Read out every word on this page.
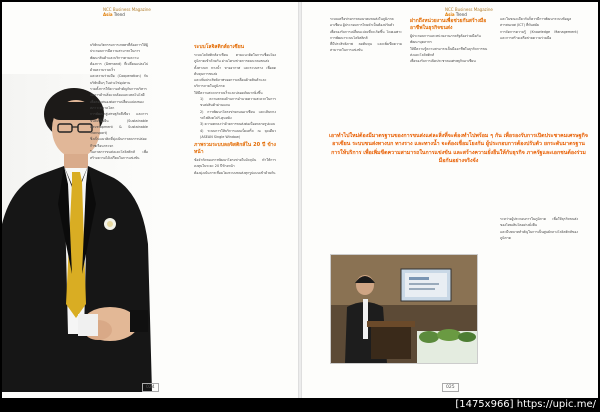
NCC Business Magazine
Asia Trend
บริษัทนวัตกรรมการเกษตรที่ต้องการให้ผู้ประกอบการมีความสามารถในการ
พัฒนาสินค้าและบริการตามความต้องการ (Demand) ที่เปลี่ยนแปลงไปด้วยความรวดเร็ว
และความร่วมมือ (Cooperation) กับบริษัทอื่นๆ ในห่วงโซ่อุปทาน
รวมทั้งการให้ความสำคัญกับการบริหารจัดการด้านสิ่งแวดล้อมและเทคโนโลยี
เพื่อตอบสนองต่อการเปลี่ยนแปลงของสภาวะตลาดโลก
การพัฒนาสู่เศรษฐกิจสีเขียว และการขนส่งที่ยั่งยืน (Sustainable Development & Sustainable Transport)
ซึ่งเป็นแนวคิดที่มุ่งเน้นการลดการปล่อยก๊าซเรือนกระจก
ในภาคการขนส่งและโลจิสติกส์ เพื่อสร้างความได้เปรียบในการแข่งขัน
ระบบโลจิสติกส์อาเซียน
ระบบโลจิสติกส์อาเซียน ตามแนวคิดในการเชื่อมโยงภูมิภาคเข้าด้วยกัน ผ่านโครงข่ายการคมนาคมขนส่ง
ทั้งทางบก ทางน้ำ ทางอากาศ และระบบราง เพื่อลดต้นทุนการขนส่ง
และเพิ่มประสิทธิภาพของการเคลื่อนย้ายสินค้าและบริการภายในภูมิภาค
ให้มีความสะดวกรวดเร็วและปลอดภัยมากยิ่งขึ้น
1) ความตกลงด้านการอำนวยความสะดวกในการขนส่งสินค้าผ่านแดน
2) การพัฒนาโครงข่ายถนนอาเซียน และเส้นทางรถไฟสิงคโปร์-คุนหมิง
3) ความตกลงว่าด้วยการขนส่งต่อเนื่องหลายรูปแบบ
4) ระบบการให้บริการแบบเบ็ดเสร็จ ณ จุดเดียว (ASEAN Single Window)
ภาพรวมระบบลอจิสติกส์ใน 20 ปี ข้างหน้า
ข้อจำกัดของการพัฒนาโครงข่ายในปัจจุบัน ทำให้การลงทุนในระยะ 20 ปีข้างหน้า
ต้องมุ่งเน้นการเชื่อมโยงระบบขนส่งทุกรูปแบบเข้าด้วยกัน
024
NCC Business Magazine
Asia Trend
ระบบเครือข่ายการคมนาคมขนส่งในภูมิภาคอาเซียน ผู้ประกอบการไทยจำเป็นต้องปรับตัว
เพื่อรองรับการเปลี่ยนแปลงที่จะเกิดขึ้น โดยเฉพาะการพัฒนาระบบโลจิสติกส์
ที่มีประสิทธิภาพ ลดต้นทุน และเพิ่มขีดความสามารถในการแข่งขัน
ฝากถึงหน่วยงานเพื่อช่วยกันสร้างมืออาชีพในธุรกิจขนส่ง
ผู้ประกอบการและหน่วยงานภาครัฐต้องร่วมมือกันพัฒนาบุคลากร
ให้มีความรู้ความสามารถเป็นมืออาชีพในธุรกิจการขนส่งและโลจิสติกส์
เพื่อรองรับการเปิดประชาคมเศรษฐกิจอาเซียน
เอาทำไปใหม่ต้องมีมาตรฐานของการขนส่งแต่ละสิ่งที่จะต้องทำไปพร้อม ๆ กัน เพื่อรองรับการเปิดประชาคมเศรษฐกิจอาเซียน ระบบขนส่งทางบก ทางราง และทางน้ำ จะต้องเชื่อมโยงกัน ผู้ประกอบการต้องปรับตัว ยกระดับมาตรฐานการให้บริการ เพื่อเพิ่มขีดความสามารถในการแข่งขัน และสร้างความยั่งยืนให้กับธุรกิจ ภาครัฐและเอกชนต้องร่วมมือกันอย่างจริงจัง
และในขณะเดียวกันก็ควรมีการพัฒนาระบบข้อมูลสารสนเทศ (ICT) ที่ทันสมัย
การจัดการความรู้ (Knowledge Management) และการสร้างเครือข่ายความร่วมมือ
ระหว่างผู้ประกอบการในภูมิภาค เพื่อให้ธุรกิจขนส่งของไทยเติบโตอย่างยั่งยืน
และมีบทบาทสำคัญในการเป็นศูนย์กลางโลจิสติกส์ของภูมิภาค
025
[1475x966] https://upic.me/
